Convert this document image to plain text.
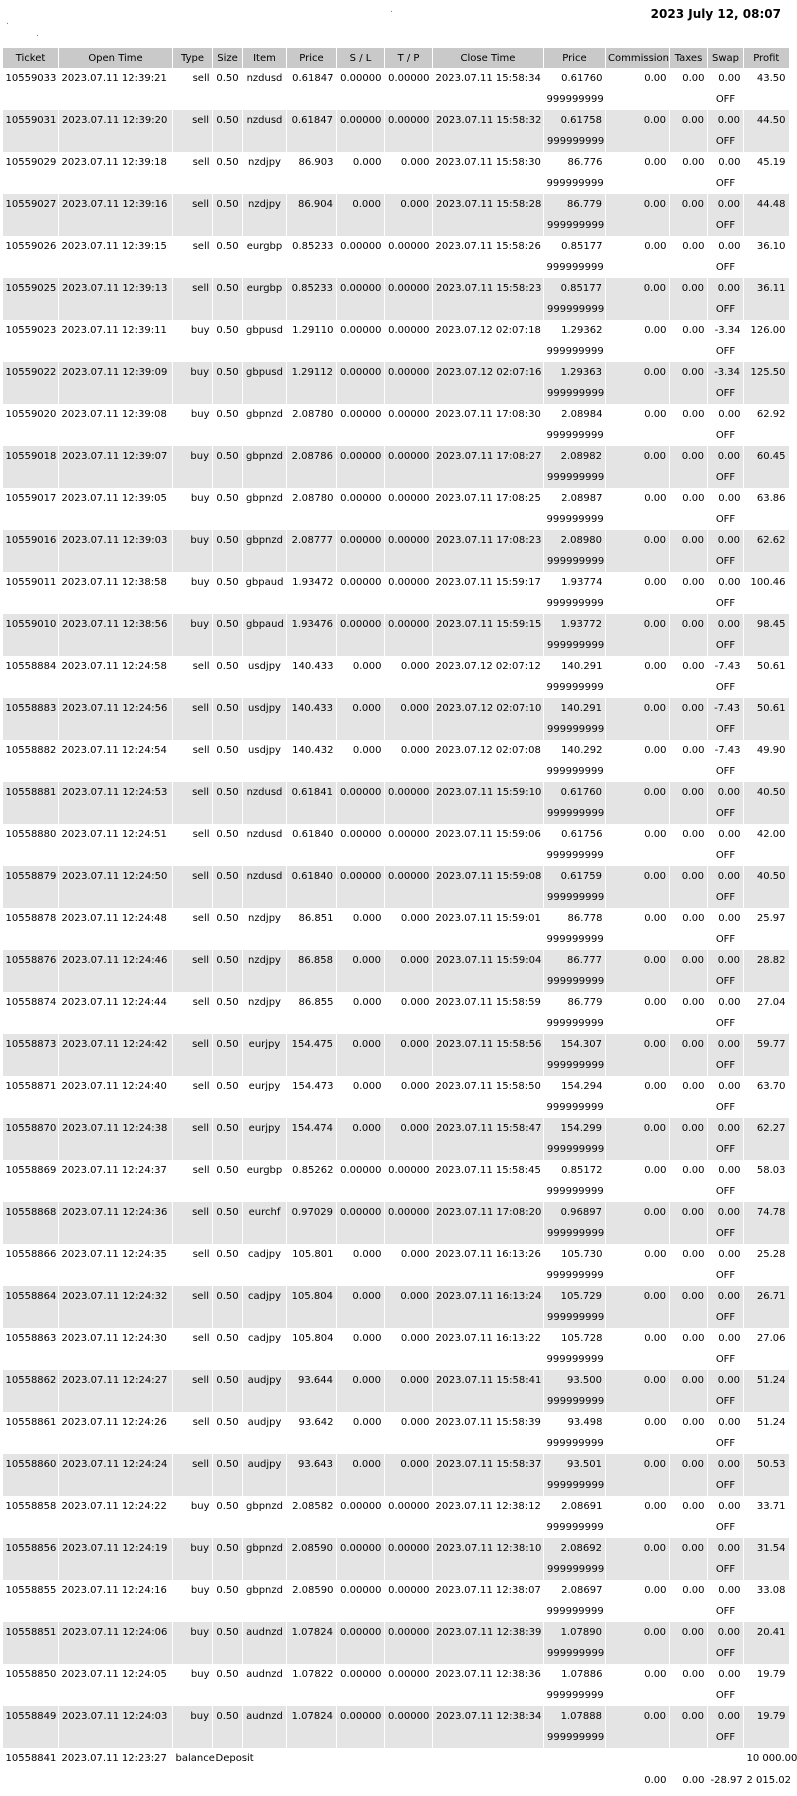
.
.
.	2023 July 12, 08:07
Ticket	Open Time	Type	Size	Item	Price	S / L	T / P	Close Time	Price	Commission	Taxes	Swap	Profit
10559033	2023.07.11 12:39:21	sell	0.50	nzdusd	0.61847	0.00000	0.00000	2023.07.11 15:58:34	0.61760	0.00	0.00	0.00	43.50
									999999999			OFF	
10559031	2023.07.11 12:39:20	sell	0.50	nzdusd	0.61847	0.00000	0.00000	2023.07.11 15:58:32	0.61758	0.00	0.00	0.00	44.50
									999999999			OFF	
10559029	2023.07.11 12:39:18	sell	0.50	nzdjpy	86.903	0.000	0.000	2023.07.11 15:58:30	86.776	0.00	0.00	0.00	45.19
									999999999			OFF	
10559027	2023.07.11 12:39:16	sell	0.50	nzdjpy	86.904	0.000	0.000	2023.07.11 15:58:28	86.779	0.00	0.00	0.00	44.48
									999999999			OFF	
10559026	2023.07.11 12:39:15	sell	0.50	eurgbp	0.85233	0.00000	0.00000	2023.07.11 15:58:26	0.85177	0.00	0.00	0.00	36.10
									999999999			OFF	
10559025	2023.07.11 12:39:13	sell	0.50	eurgbp	0.85233	0.00000	0.00000	2023.07.11 15:58:23	0.85177	0.00	0.00	0.00	36.11
									999999999			OFF	
10559023	2023.07.11 12:39:11	buy	0.50	gbpusd	1.29110	0.00000	0.00000	2023.07.12 02:07:18	1.29362	0.00	0.00	-3.34	126.00
									999999999			OFF	
10559022	2023.07.11 12:39:09	buy	0.50	gbpusd	1.29112	0.00000	0.00000	2023.07.12 02:07:16	1.29363	0.00	0.00	-3.34	125.50
									999999999			OFF	
10559020	2023.07.11 12:39:08	buy	0.50	gbpnzd	2.08780	0.00000	0.00000	2023.07.11 17:08:30	2.08984	0.00	0.00	0.00	62.92
									999999999			OFF	
10559018	2023.07.11 12:39:07	buy	0.50	gbpnzd	2.08786	0.00000	0.00000	2023.07.11 17:08:27	2.08982	0.00	0.00	0.00	60.45
									999999999			OFF	
10559017	2023.07.11 12:39:05	buy	0.50	gbpnzd	2.08780	0.00000	0.00000	2023.07.11 17:08:25	2.08987	0.00	0.00	0.00	63.86
									999999999			OFF	
10559016	2023.07.11 12:39:03	buy	0.50	gbpnzd	2.08777	0.00000	0.00000	2023.07.11 17:08:23	2.08980	0.00	0.00	0.00	62.62
									999999999			OFF	
10559011	2023.07.11 12:38:58	buy	0.50	gbpaud	1.93472	0.00000	0.00000	2023.07.11 15:59:17	1.93774	0.00	0.00	0.00	100.46
									999999999			OFF	
10559010	2023.07.11 12:38:56	buy	0.50	gbpaud	1.93476	0.00000	0.00000	2023.07.11 15:59:15	1.93772	0.00	0.00	0.00	98.45
									999999999			OFF	
10558884	2023.07.11 12:24:58	sell	0.50	usdjpy	140.433	0.000	0.000	2023.07.12 02:07:12	140.291	0.00	0.00	-7.43	50.61
									999999999			OFF	
10558883	2023.07.11 12:24:56	sell	0.50	usdjpy	140.433	0.000	0.000	2023.07.12 02:07:10	140.291	0.00	0.00	-7.43	50.61
									999999999			OFF	
10558882	2023.07.11 12:24:54	sell	0.50	usdjpy	140.432	0.000	0.000	2023.07.12 02:07:08	140.292	0.00	0.00	-7.43	49.90
									999999999			OFF	
10558881	2023.07.11 12:24:53	sell	0.50	nzdusd	0.61841	0.00000	0.00000	2023.07.11 15:59:10	0.61760	0.00	0.00	0.00	40.50
									999999999			OFF	
10558880	2023.07.11 12:24:51	sell	0.50	nzdusd	0.61840	0.00000	0.00000	2023.07.11 15:59:06	0.61756	0.00	0.00	0.00	42.00
									999999999			OFF	
10558879	2023.07.11 12:24:50	sell	0.50	nzdusd	0.61840	0.00000	0.00000	2023.07.11 15:59:08	0.61759	0.00	0.00	0.00	40.50
									999999999			OFF	
10558878	2023.07.11 12:24:48	sell	0.50	nzdjpy	86.851	0.000	0.000	2023.07.11 15:59:01	86.778	0.00	0.00	0.00	25.97
									999999999			OFF	
10558876	2023.07.11 12:24:46	sell	0.50	nzdjpy	86.858	0.000	0.000	2023.07.11 15:59:04	86.777	0.00	0.00	0.00	28.82
									999999999			OFF	
10558874	2023.07.11 12:24:44	sell	0.50	nzdjpy	86.855	0.000	0.000	2023.07.11 15:58:59	86.779	0.00	0.00	0.00	27.04
									999999999			OFF	
10558873	2023.07.11 12:24:42	sell	0.50	eurjpy	154.475	0.000	0.000	2023.07.11 15:58:56	154.307	0.00	0.00	0.00	59.77
									999999999			OFF	
10558871	2023.07.11 12:24:40	sell	0.50	eurjpy	154.473	0.000	0.000	2023.07.11 15:58:50	154.294	0.00	0.00	0.00	63.70
									999999999			OFF	
10558870	2023.07.11 12:24:38	sell	0.50	eurjpy	154.474	0.000	0.000	2023.07.11 15:58:47	154.299	0.00	0.00	0.00	62.27
									999999999			OFF	
10558869	2023.07.11 12:24:37	sell	0.50	eurgbp	0.85262	0.00000	0.00000	2023.07.11 15:58:45	0.85172	0.00	0.00	0.00	58.03
									999999999			OFF	
10558868	2023.07.11 12:24:36	sell	0.50	eurchf	0.97029	0.00000	0.00000	2023.07.11 17:08:20	0.96897	0.00	0.00	0.00	74.78
									999999999			OFF	
10558866	2023.07.11 12:24:35	sell	0.50	cadjpy	105.801	0.000	0.000	2023.07.11 16:13:26	105.730	0.00	0.00	0.00	25.28
									999999999			OFF	
10558864	2023.07.11 12:24:32	sell	0.50	cadjpy	105.804	0.000	0.000	2023.07.11 16:13:24	105.729	0.00	0.00	0.00	26.71
									999999999			OFF	
10558863	2023.07.11 12:24:30	sell	0.50	cadjpy	105.804	0.000	0.000	2023.07.11 16:13:22	105.728	0.00	0.00	0.00	27.06
									999999999			OFF	
10558862	2023.07.11 12:24:27	sell	0.50	audjpy	93.644	0.000	0.000	2023.07.11 15:58:41	93.500	0.00	0.00	0.00	51.24
									999999999			OFF	
10558861	2023.07.11 12:24:26	sell	0.50	audjpy	93.642	0.000	0.000	2023.07.11 15:58:39	93.498	0.00	0.00	0.00	51.24
									999999999			OFF	
10558860	2023.07.11 12:24:24	sell	0.50	audjpy	93.643	0.000	0.000	2023.07.11 15:58:37	93.501	0.00	0.00	0.00	50.53
									999999999			OFF	
10558858	2023.07.11 12:24:22	buy	0.50	gbpnzd	2.08582	0.00000	0.00000	2023.07.11 12:38:12	2.08691	0.00	0.00	0.00	33.71
									999999999			OFF	
10558856	2023.07.11 12:24:19	buy	0.50	gbpnzd	2.08590	0.00000	0.00000	2023.07.11 12:38:10	2.08692	0.00	0.00	0.00	31.54
									999999999			OFF	
10558855	2023.07.11 12:24:16	buy	0.50	gbpnzd	2.08590	0.00000	0.00000	2023.07.11 12:38:07	2.08697	0.00	0.00	0.00	33.08
									999999999			OFF	
10558851	2023.07.11 12:24:06	buy	0.50	audnzd	1.07824	0.00000	0.00000	2023.07.11 12:38:39	1.07890	0.00	0.00	0.00	20.41
									999999999			OFF	
10558850	2023.07.11 12:24:05	buy	0.50	audnzd	1.07822	0.00000	0.00000	2023.07.11 12:38:36	1.07886	0.00	0.00	0.00	19.79
									999999999			OFF	
10558849	2023.07.11 12:24:03	buy	0.50	audnzd	1.07824	0.00000	0.00000	2023.07.11 12:38:34	1.07888	0.00	0.00	0.00	19.79
									999999999			OFF	
10558841	2023.07.11 12:23:27	balance	Deposit										10 000.00
										0.00	0.00	-28.97	2 015.02
